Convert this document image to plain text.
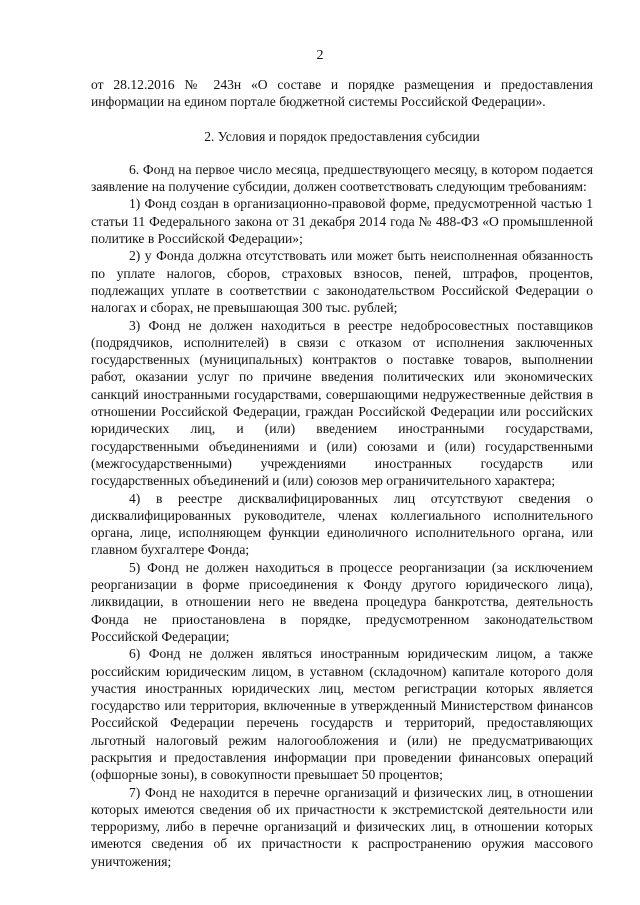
2

от 28.12.2016 № 243н «О составе и порядке размещения и предоставления информации на едином портале бюджетной системы Российской Федерации».

2. Условия и порядок предоставления субсидии

6. Фонд на первое число месяца, предшествующего месяцу, в котором подается заявление на получение субсидии, должен соответствовать следующим требованиям:

1) Фонд создан в организационно-правовой форме, предусмотренной частью 1 статьи 11 Федерального закона от 31 декабря 2014 года № 488-ФЗ «О промышленной политике в Российской Федерации»;

2) у Фонда должна отсутствовать или может быть неисполненная обязанность по уплате налогов, сборов, страховых взносов, пеней, штрафов, процентов, подлежащих уплате в соответствии с законодательством Российской Федерации о налогах и сборах, не превышающая 300 тыс. рублей;

3) Фонд не должен находиться в реестре недобросовестных поставщиков (подрядчиков, исполнителей) в связи с отказом от исполнения заключенных государственных (муниципальных) контрактов о поставке товаров, выполнении работ, оказании услуг по причине введения политических или экономических санкций иностранными государствами, совершающими недружественные действия в отношении Российской Федерации, граждан Российской Федерации или российских юридических лиц, и (или) введением иностранными государствами, государственными объединениями и (или) союзами и (или) государственными (межгосударственными) учреждениями иностранных государств или государственных объединений и (или) союзов мер ограничительного характера;

4) в реестре дисквалифицированных лиц отсутствуют сведения о дисквалифицированных руководителе, членах коллегиального исполнительного органа, лице, исполняющем функции единоличного исполнительного органа, или главном бухгалтере Фонда;

5) Фонд не должен находиться в процессе реорганизации (за исключением реорганизации в форме присоединения к Фонду другого юридического лица), ликвидации, в отношении него не введена процедура банкротства, деятельность Фонда не приостановлена в порядке, предусмотренном законодательством Российской Федерации;

6) Фонд не должен являться иностранным юридическим лицом, а также российским юридическим лицом, в уставном (складочном) капитале которого доля участия иностранных юридических лиц, местом регистрации которых является государство или территория, включенные в утвержденный Министерством финансов Российской Федерации перечень государств и территорий, предоставляющих льготный налоговый режим налогообложения и (или) не предусматривающих раскрытия и предоставления информации при проведении финансовых операций (офшорные зоны), в совокупности превышает 50 процентов;

7) Фонд не находится в перечне организаций и физических лиц, в отношении которых имеются сведения об их причастности к экстремистской деятельности или терроризму, либо в перечне организаций и физических лиц, в отношении которых имеются сведения об их причастности к распространению оружия массового уничтожения;
